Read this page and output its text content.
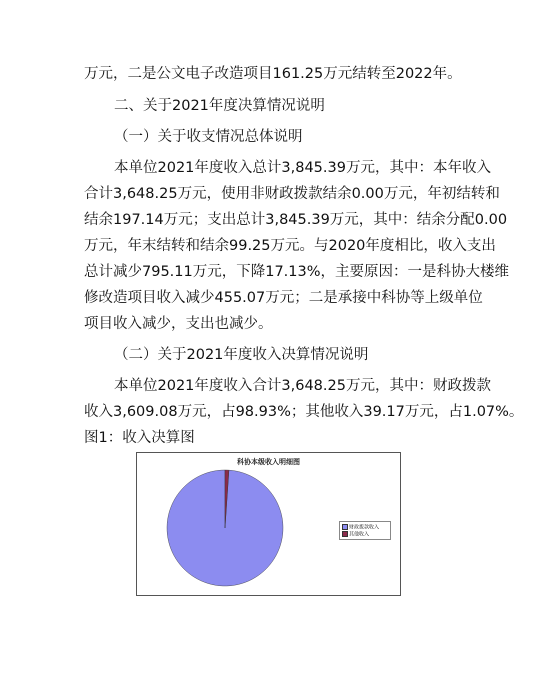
万元，二是公文电子改造项目161.25万元结转至2022年。
二、关于2021年度决算情况说明
（一）关于收支情况总体说明
本单位2021年度收入总计3,845.39万元，其中：本年收入
合计3,648.25万元，使用非财政拨款结余0.00万元，年初结转和
结余197.14万元；支出总计3,845.39万元，其中：结余分配0.00
万元，年末结转和结余99.25万元。与2020年度相比，收入支出
总计减少795.11万元，下降17.13%，主要原因：一是科协大楼维
修改造项目收入减少455.07万元；二是承接中科协等上级单位
项目收入减少，支出也减少。
（二）关于2021年度收入决算情况说明
本单位2021年度收入合计3,648.25万元，其中：财政拨款
收入3,609.08万元，占98.93%；其他收入39.17万元，占1.07%。
图1：收入决算图
科协本级收入明细图
财政拨款收入
其他收入
